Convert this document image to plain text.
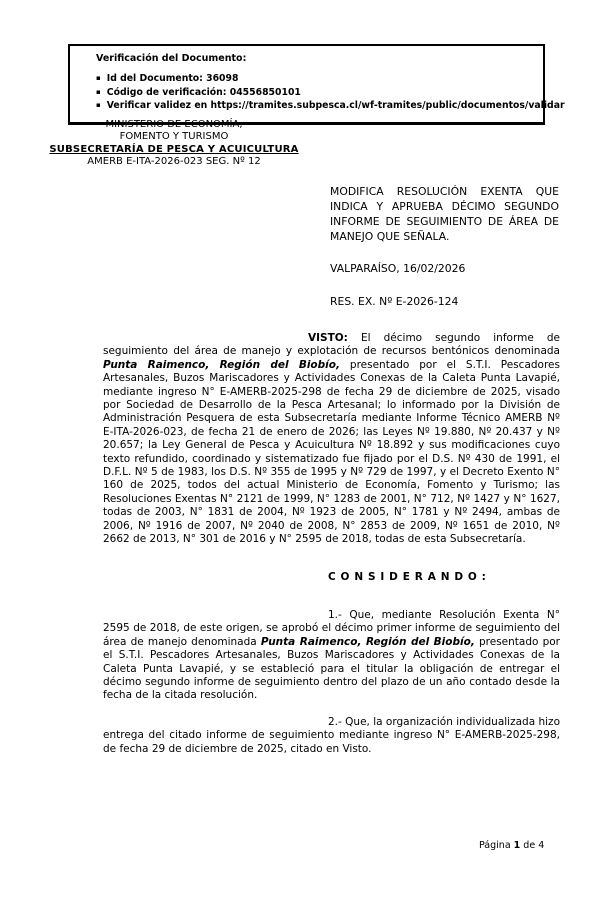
Verificación del Documento:
▪ Id del Documento: 36098
▪ Código de verificación: 04556850101
▪ Verificar validez en https://tramites.subpesca.cl/wf-tramites/public/documentos/validar
MINISTERIO DE ECONOMÍA,
FOMENTO Y TURISMO
SUBSECRETARÍA DE PESCA Y ACUICULTURA
AMERB E-ITA-2026-023 SEG. Nº 12

MODIFICA RESOLUCIÓN EXENTA QUE INDICA Y APRUEBA DÉCIMO SEGUNDO INFORME DE SEGUIMIENTO DE ÁREA DE MANEJO QUE SEÑALA.

VALPARAÍSO, 16/02/2026

RES. EX. Nº E-2026-124

VISTO: El décimo segundo informe de seguimiento del área de manejo y explotación de recursos bentónicos denominada Punta Raimenco, Región del Biobío, presentado por el S.T.I. Pescadores Artesanales, Buzos Mariscadores y Actividades Conexas de la Caleta Punta Lavapié, mediante ingreso N° E-AMERB-2025-298 de fecha 29 de diciembre de 2025, visado por Sociedad de Desarrollo de la Pesca Artesanal; lo informado por la División de Administración Pesquera de esta Subsecretaría mediante Informe Técnico AMERB Nº E-ITA-2026-023, de fecha 21 de enero de 2026; las Leyes Nº 19.880, Nº 20.437 y Nº 20.657; la Ley General de Pesca y Acuicultura Nº 18.892 y sus modificaciones cuyo texto refundido, coordinado y sistematizado fue fijado por el D.S. Nº 430 de 1991, el D.F.L. Nº 5 de 1983, los D.S. Nº 355 de 1995 y Nº 729 de 1997, y el Decreto Exento N° 160 de 2025, todos del actual Ministerio de Economía, Fomento y Turismo; las Resoluciones Exentas N° 2121 de 1999, N° 1283 de 2001, N° 712, Nº 1427 y N° 1627, todas de 2003, N° 1831 de 2004, Nº 1923 de 2005, N° 1781 y Nº 2494, ambas de 2006, Nº 1916 de 2007, Nº 2040 de 2008, N° 2853 de 2009, Nº 1651 de 2010, Nº 2662 de 2013, N° 301 de 2016 y N° 2595 de 2018, todas de esta Subsecretaría.

C O N S I D E R A N D O :

1.- Que, mediante Resolución Exenta N° 2595 de 2018, de este origen, se aprobó el décimo primer informe de seguimiento del área de manejo denominada Punta Raimenco, Región del Biobío, presentado por el S.T.I. Pescadores Artesanales, Buzos Mariscadores y Actividades Conexas de la Caleta Punta Lavapié, y se estableció para el titular la obligación de entregar el décimo segundo informe de seguimiento dentro del plazo de un año contado desde la fecha de la citada resolución.

2.- Que, la organización individualizada hizo entrega del citado informe de seguimiento mediante ingreso N° E-AMERB-2025-298, de fecha 29 de diciembre de 2025, citado en Visto.

Página 1 de 4
